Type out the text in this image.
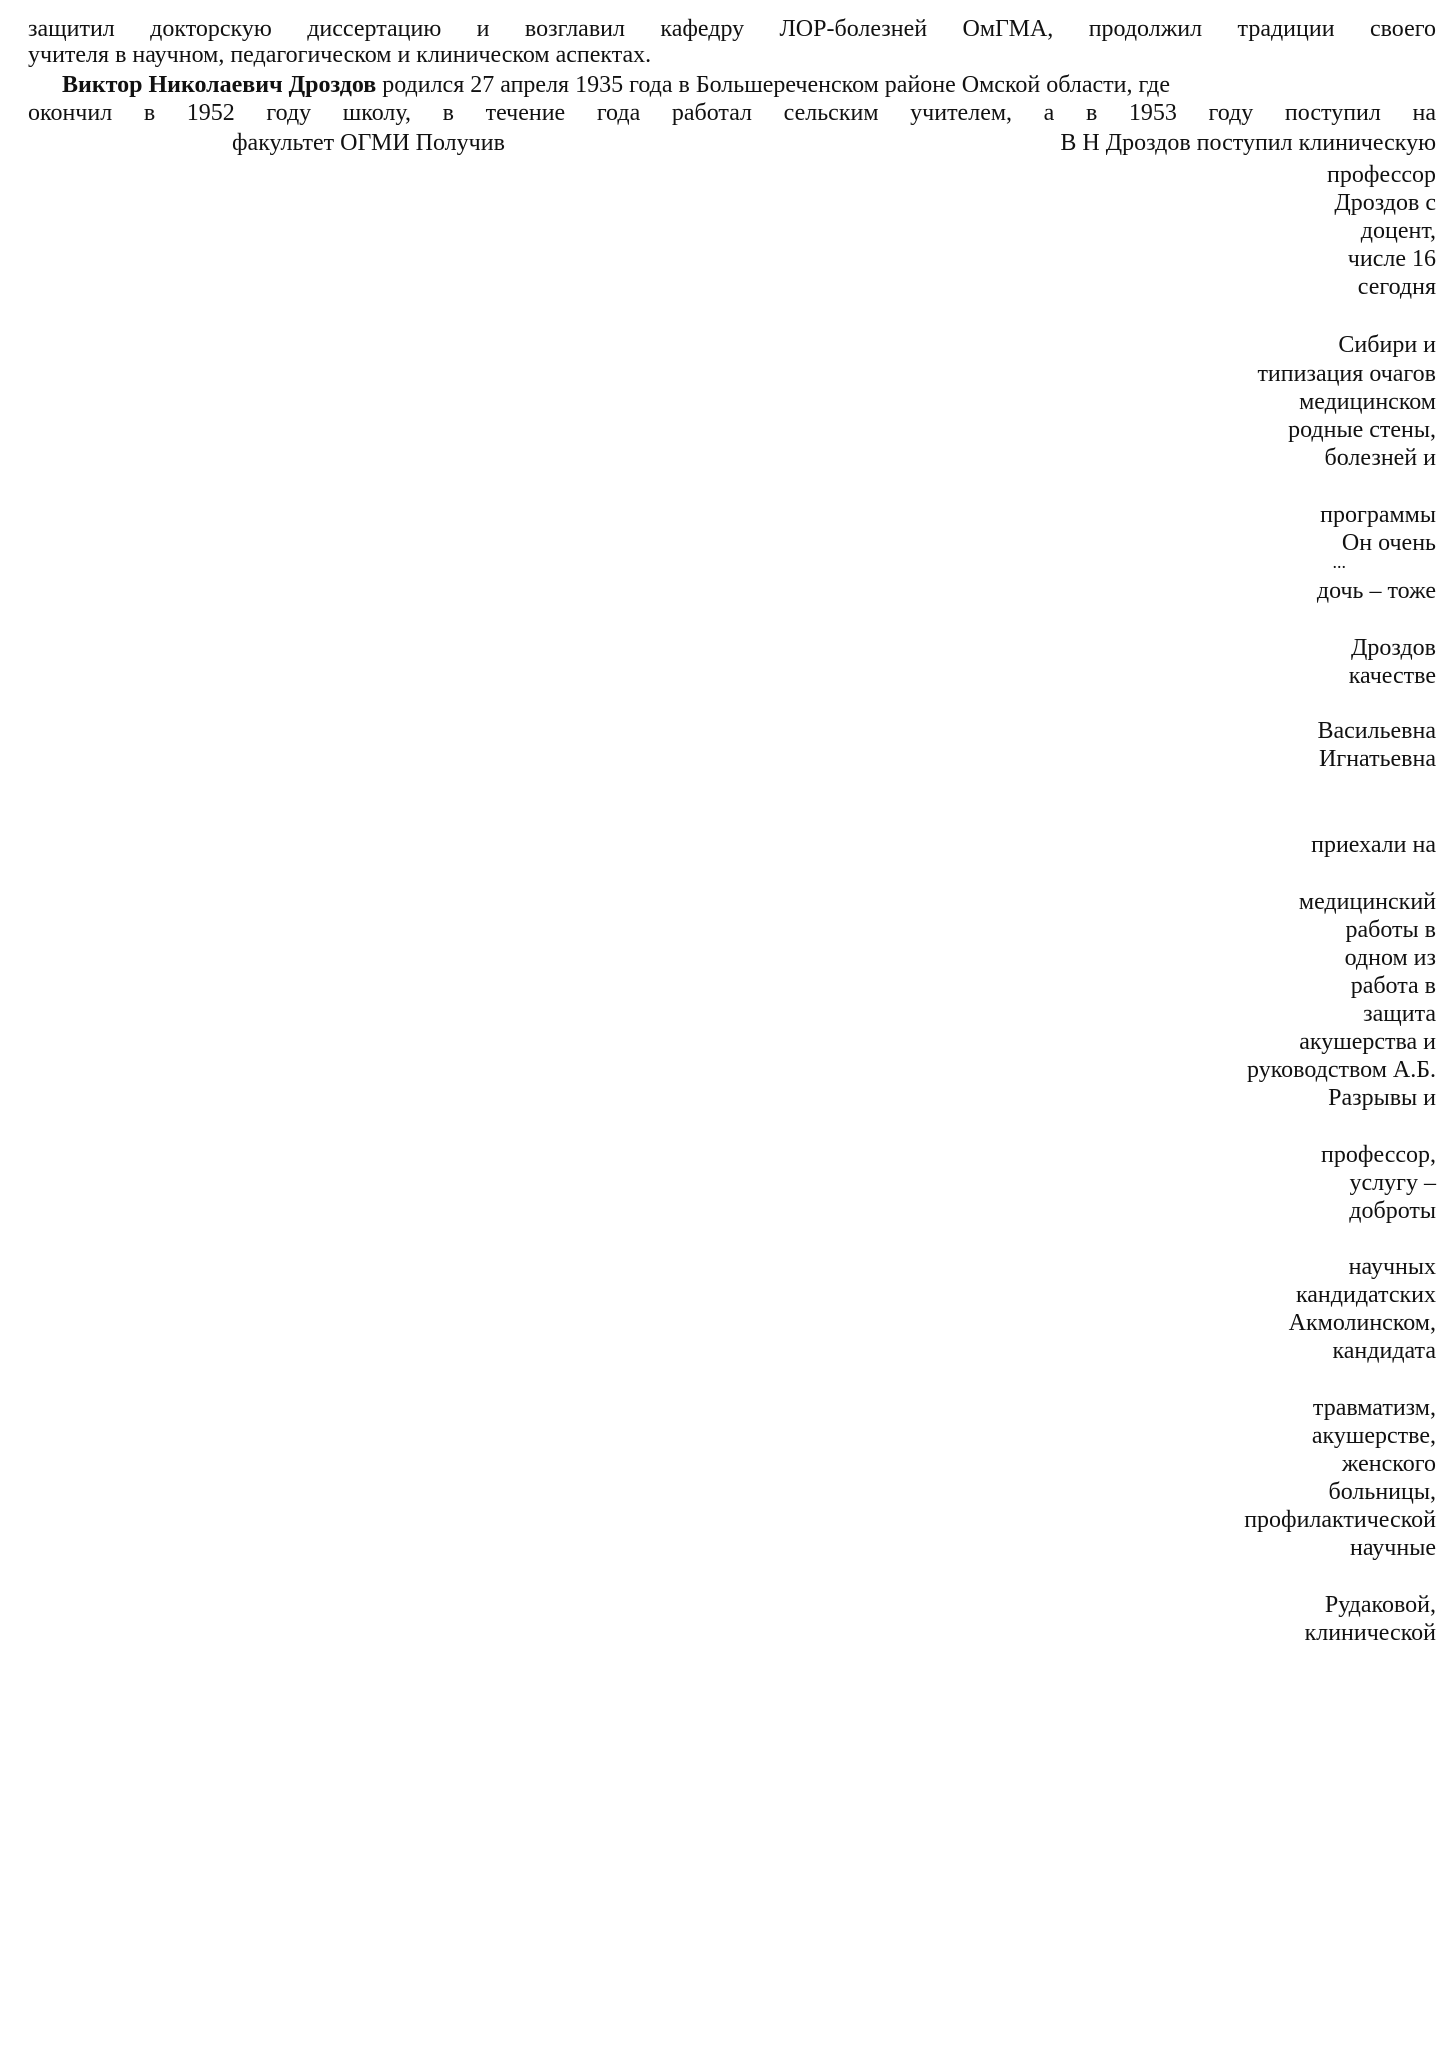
защитил докторскую диссертацию и возглавил кафедру ЛОР-болезней ОмГМА, продолжил традиции своего
учителя в научном, педагогическом и клиническом аспектах.
Виктор Николаевич Дроздов родился 27 апреля 1935 года в Большереченском районе Омской области, где
окончил в 1952 году школу, в течение года работал сельским учителем, а в 1953 году поступил на
факультет ОГМИ Получив	В Н Дроздов поступил клиническую
профессор
Дроздов с
доцент,
числе 16
сегодня
Сибири и
типизация очагов
медицинском
родные стены,
болезней и
программы
Он очень
...
дочь – тоже
Дроздов
качестве
Васильевна
Игнатьевна
приехали на
медицинский
работы в
одном из
работа в
защита
акушерства и
руководством А.Б.
Разрывы и
профессор,
услугу –
доброты
научных
кандидатских
Акмолинском,
кандидата
травматизм,
акушерстве,
женского
больницы,
профилактической
научные
Рудаковой,
клинической
